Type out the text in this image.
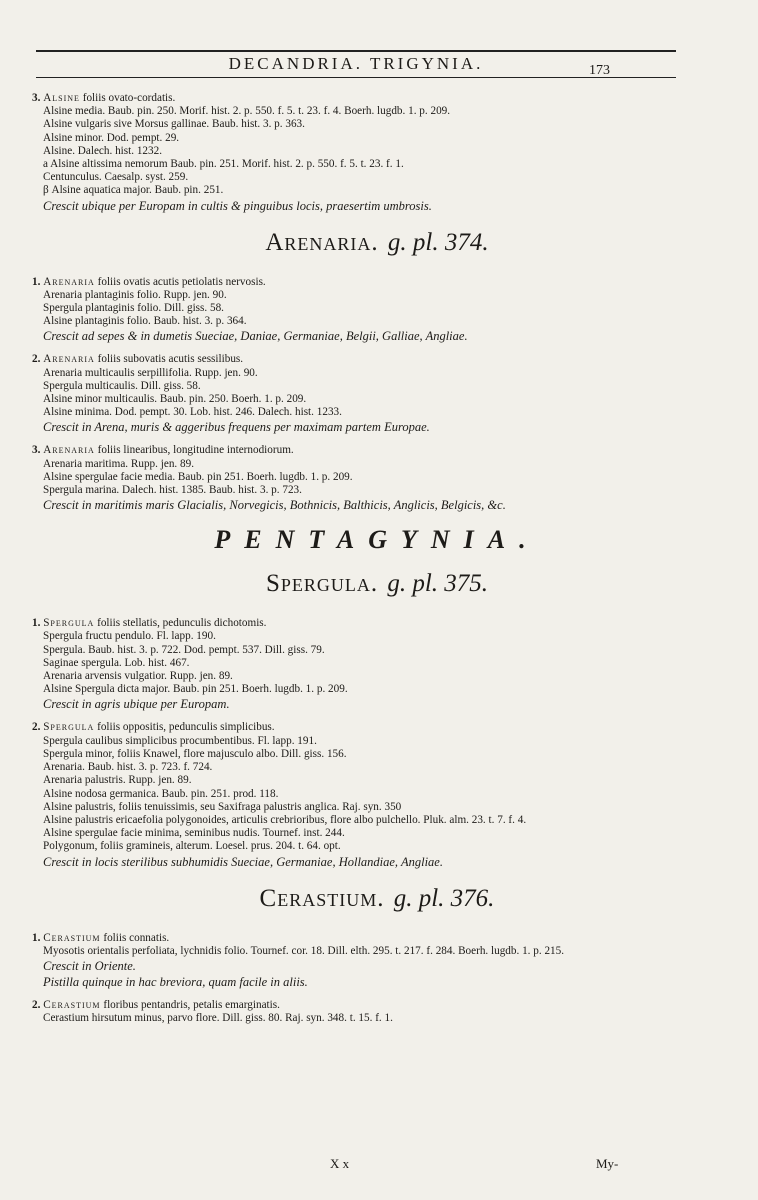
DECANDRIA. TRIGYNIA.	173
3. Alsine foliis ovato-cordatis.
Alsine media. Baub. pin. 250. Morif. hist. 2. p. 550. f. 5. t. 23. f. 4. Boerh. lugdb. 1. p. 209.
Alsine vulgaris sive Morsus gallinae. Baub. hist. 3. p. 363.
Alsine minor. Dod. pempt. 29.
Alsine. Dalech. hist. 1232.
a Alsine altissima nemorum Baub. pin. 251. Morif. hist. 2. p. 550. f. 5. t. 23. f. 1.
Centunculus. Caesalp. syst. 259.
β Alsine aquatica major. Baub. pin. 251.
Crescit ubique per Europam in cultis & pinguibus locis, praesertim umbrosis.
Arenaria. g. pl. 374.
1. Arenaria foliis ovatis acutis petiolatis nervosis.
Arenaria plantaginis folio. Rupp. jen. 90.
Spergula plantaginis folio. Dill. giss. 58.
Alsine plantaginis folio. Baub. hist. 3. p. 364.
Crescit ad sepes & in dumetis Sueciae, Daniae, Germaniae, Belgii, Galliae, Angliae.
2. Arenaria foliis subovatis acutis sessilibus.
Arenaria multicaulis serpillifolia. Rupp. jen. 90.
Spergula multicaulis. Dill. giss. 58.
Alsine minor multicaulis. Baub. pin. 250. Boerh. 1. p. 209.
Alsine minima. Dod. pempt. 30. Lob. hist. 246. Dalech. hist. 1233.
Crescit in Arena, muris & aggeribus frequens per maximam partem Europae.
3. Arenaria foliis linearibus, longitudine internodiorum.
Arenaria maritima. Rupp. jen. 89.
Alsine spergulae facie media. Baub. pin 251. Boerh. lugdb. 1. p. 209.
Spergula marina. Dalech. hist. 1385. Baub. hist. 3. p. 723.
Crescit in maritimis maris Glacialis, Norvegicis, Bothnicis, Balthicis, Anglicis, Belgicis, &c.
PENTAGYNIA.
Spergula. g. pl. 375.
1. Spergula foliis stellatis, pedunculis dichotomis.
Spergula fructu pendulo. Fl. lapp. 190.
Spergula. Baub. hist. 3. p. 722. Dod. pempt. 537. Dill. giss. 79.
Saginae spergula. Lob. hist. 467.
Arenaria arvensis vulgatior. Rupp. jen. 89.
Alsine Spergula dicta major. Baub. pin 251. Boerh. lugdb. 1. p. 209.
Crescit in agris ubique per Europam.
2. Spergula foliis oppositis, pedunculis simplicibus.
Spergula caulibus simplicibus procumbentibus. Fl. lapp. 191.
Spergula minor, foliis Knawel, flore majusculo albo. Dill. giss. 156.
Arenaria. Baub. hist. 3. p. 723. f. 724.
Arenaria palustris. Rupp. jen. 89.
Alsine nodosa germanica. Baub. pin. 251. prod. 118.
Alsine palustris, foliis tenuissimis, seu Saxifraga palustris anglica. Raj. syn. 350
Alsine palustris ericaefolia polygonoides, articulis crebrioribus, flore albo pulchello. Pluk. alm. 23. t. 7. f. 4.
Alsine spergulae facie minima, seminibus nudis. Tournef. inst. 244.
Polygonum, foliis gramineis, alterum. Loesel. prus. 204. t. 64. opt.
Crescit in locis sterilibus subhumidis Sueciae, Germaniae, Hollandiae, Angliae.
Cerastium. g. pl. 376.
1. Cerastium foliis connatis.
Myosotis orientalis perfoliata, lychnidis folio. Tournef. cor. 18. Dill. elth. 295. t. 217. f. 284. Boerh. lugdb. 1. p. 215.
Crescit in Oriente.
Pistilla quinque in hac breviora, quam facile in aliis.
2. Cerastium floribus pentandris, petalis emarginatis.
Cerastium hirsutum minus, parvo flore. Dill. giss. 80. Raj. syn. 348. t. 15. f. 1.
X x	My-
